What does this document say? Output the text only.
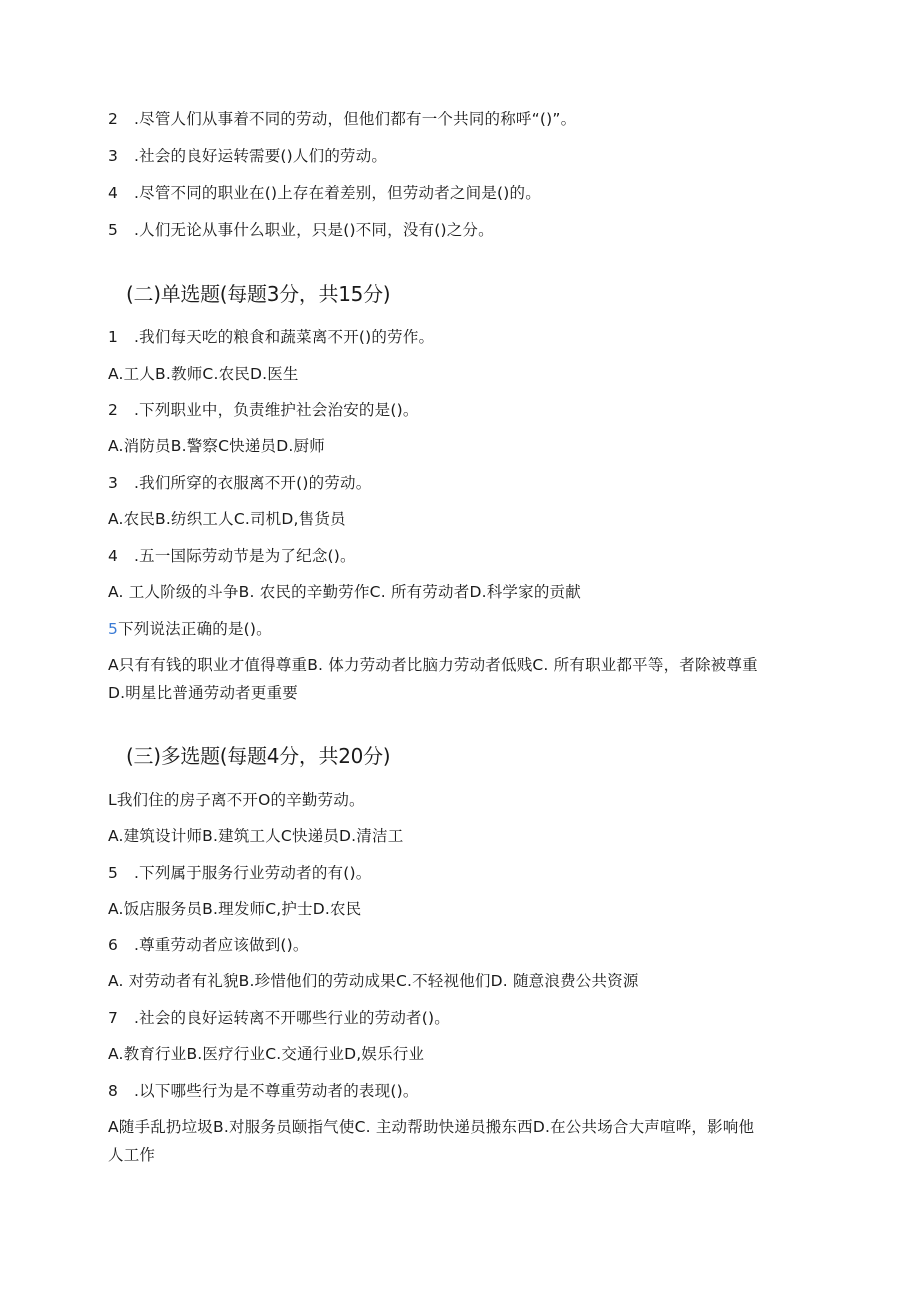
2 .尽管人们从事着不同的劳动，但他们都有一个共同的称呼“()”。
3 .社会的良好运转需要()人们的劳动。
4 .尽管不同的职业在()上存在着差别，但劳动者之间是()的。
5 .人们无论从事什么职业，只是()不同，没有()之分。
(二)单选题(每题3分，共15分)
1 .我们每天吃的粮食和蔬菜离不开()的劳作。
A.工人B.教师C.农民D.医生
2 .下列职业中，负责维护社会治安的是()。
A.消防员B.警察C快递员D.厨师
3 .我们所穿的衣服离不开()的劳动。
A.农民B.纺织工人C.司机D,售货员
4 .五一国际劳动节是为了纪念()。
A. 工人阶级的斗争B. 农民的辛勤劳作C. 所有劳动者D.科学家的贡献
5下列说法正确的是()。
A只有有钱的职业才值得尊重B. 体力劳动者比脑力劳动者低贱C. 所有职业都平等，者除被尊重
D.明星比普通劳动者更重要
(三)多选题(每题4分，共20分)
L我们住的房子离不开O的辛勤劳动。
A.建筑设计师B.建筑工人C快递员D.清洁工
5 .下列属于服务行业劳动者的有()。
A.饭店服务员B.理发师C,护士D.农民
6 .尊重劳动者应该做到()。
A. 对劳动者有礼貌B.珍惜他们的劳动成果C.不轻视他们D. 随意浪费公共资源
7 .社会的良好运转离不开哪些行业的劳动者()。
A.教育行业B.医疗行业C.交通行业D,娱乐行业
8 .以下哪些行为是不尊重劳动者的表现()。
A随手乱扔垃圾B.对服务员颐指气使C. 主动帮助快递员搬东西D.在公共场合大声喧哗，影响他
人工作
